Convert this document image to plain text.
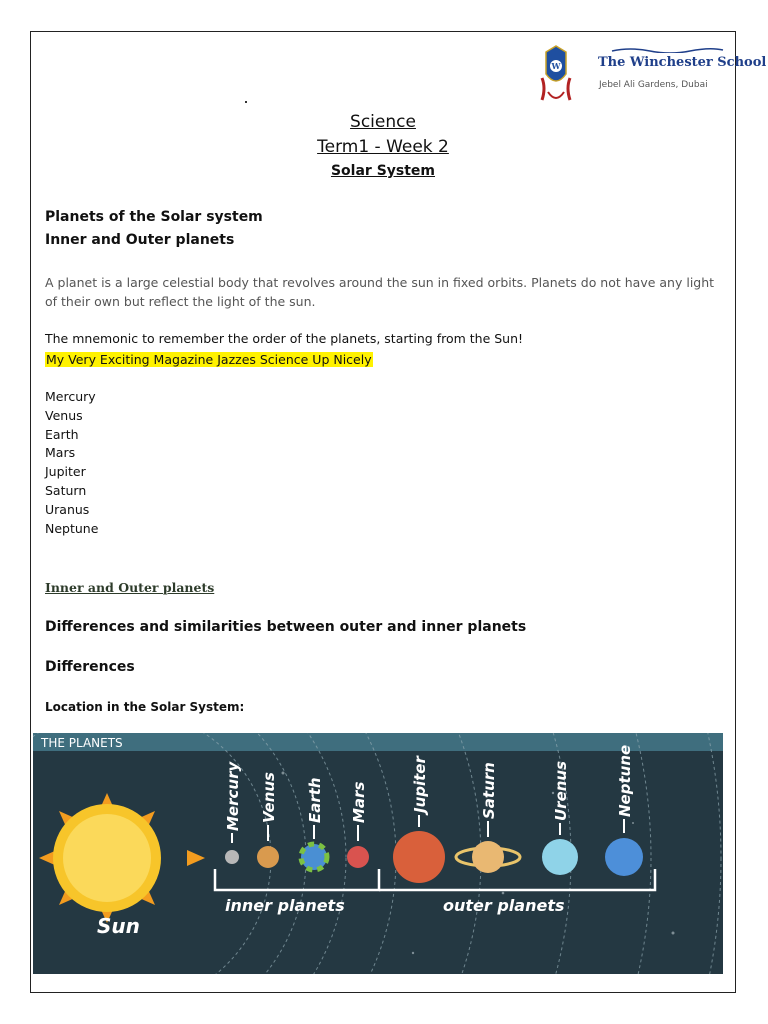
W	The Winchester School
Jebel Ali Gardens, Dubai
Science
Term1 - Week 2
Solar System
Planets of the Solar system
Inner and Outer planets
A planet is a large celestial body that revolves around the sun in fixed orbits. Planets do not have any light of their own but reflect the light of the sun.
The mnemonic to remember the order of the planets, starting from the Sun!
My Very Exciting Magazine Jazzes Science Up Nicely
Mercury
Venus
Earth
Mars
Jupiter
Saturn
Uranus
Neptune
Inner and Outer planets
Differences and similarities between outer and inner planets
Differences
Location in the Solar System:
THE PLANETS
Sun
Mercury Venus Earth Mars	Jupiter	Saturn	Urenus	Neptune
inner planets	outer planets
